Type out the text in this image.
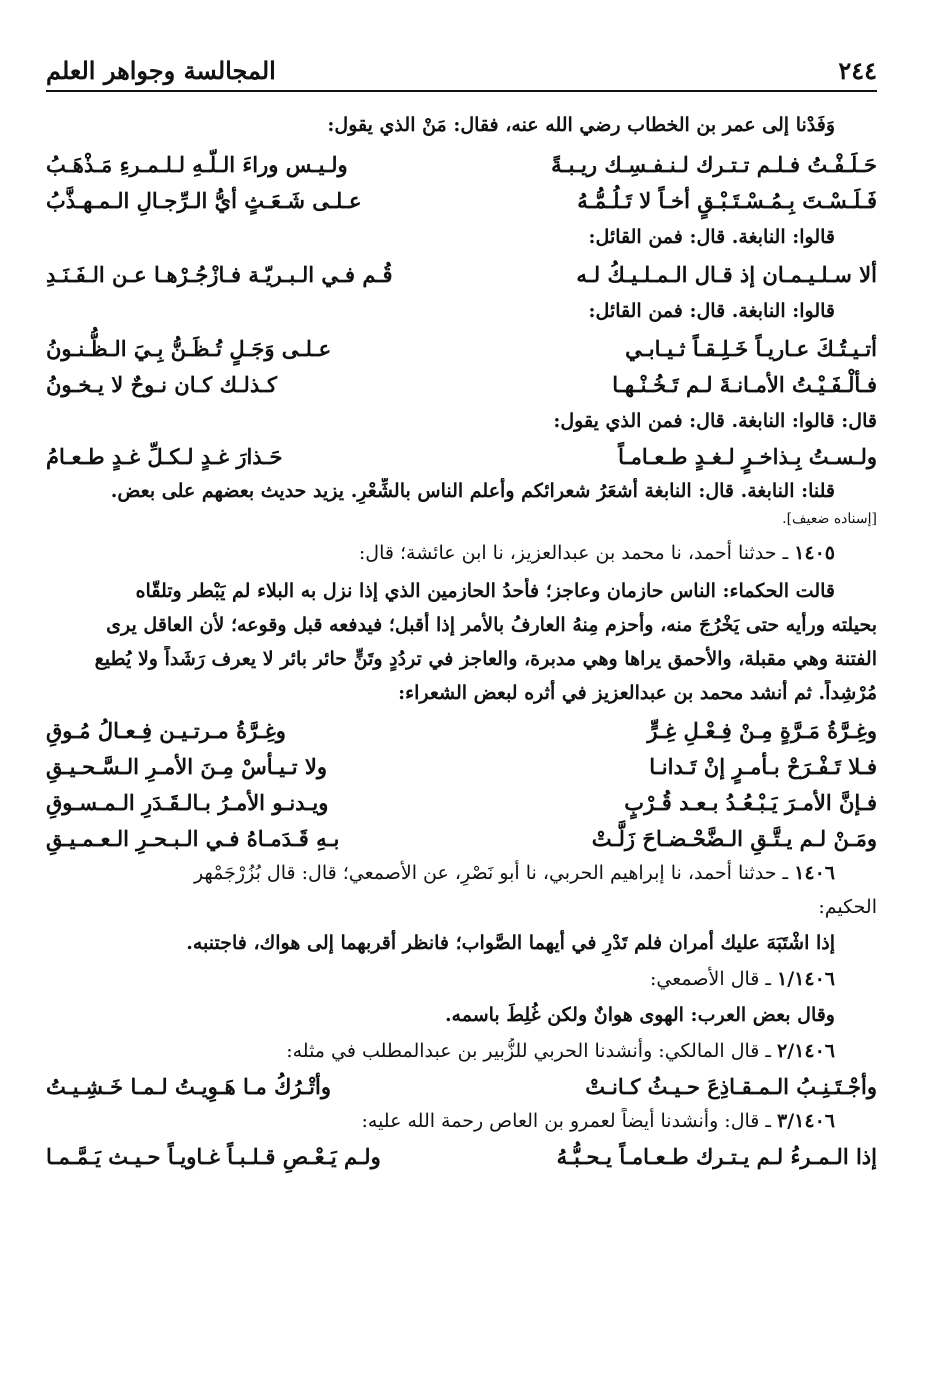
٢٤٤
المجالسة وجواهر العلم
وَفَدْنا إلى عمر بن الخطاب رضي الله عنه، فقال: مَنْ الذي يقول:
حَـلَـفْـتُ فـلـم تـتـرك لـنـفـسِـك ريـبـةً
ولـيـس وراءَ الـلّـهِ لـلـمـرءِ مَـذْهَـبُ
فَـلَـسْـتَ بِـمُـسْـتَـبْـقٍ أخـاً لا تَـلُـمُّـهُ
عـلـى شَـعَـثٍ أيُّ الـرِّجـالِ الـمـهـذَّبُ
قالوا: النابغة. قال: فمن القائل:
ألا سـلـيـمـان إذ قـال الـمـلـيـكُ لـه
قُـم فـي الـبـريّـة فـازْجُـرْهـا عـن الـفَـنَـدِ
قالوا: النابغة. قال: فمن القائل:
أتـيـتُـكَ عـاريـاً خَـلِـقـاً ثـيـابـي
عـلـى وَجَـلٍ تُـظَـنُّ بِـيَ الـظُّـنـونُ
فـألْـفَـيْـتُ الأمـانـةَ لـم تَـخُـنْـهـا
كـذلـك كـان نـوحٌ لا يـخـونُ
قال: قالوا: النابغة. قال: فمن الذي يقول:
ولـسـتُ بِـذاخـرٍ لـغـدٍ طـعـامـاً
حَـذارَ غـدٍ لـكـلِّ غـدٍ طـعـامُ
قلنا: النابغة. قال: النابغة أشعَرُ شعرائكم وأعلم الناس بالشِّعْرِ. يزيد حديث بعضهم على بعض.
[إسناده ضعيف].
١٤٠٥ ـ حدثنا أحمد، نا محمد بن عبدالعزيز، نا ابن عائشة؛ قال:
قالت الحكماء: الناس حازمان وعاجز؛ فأحدُ الحازمين الذي إذا نزل به البلاء لم يَبْطر وتلقّاه
بحيلته ورأيه حتى يَخْرُجَ منه، وأحزم مِنهُ العارفُ بالأمر إذا أقبل؛ فيدفعه قبل وقوعه؛ لأن العاقل يرى
الفتنة وهي مقبلة، والأحمق يراها وهي مدبرة، والعاجز في تردُدٍ وتَنٍّ حائر بائر لا يعرف رَشَداً ولا يُطيع
مُرْشِداً. ثم أنشد محمد بن عبدالعزيز في أثره لبعض الشعراء:
وغِـرَّةُ مَـرَّةٍ مِـنْ فِـعْـلِ غِـرٍّ
وغِـرَّةُ مـرتـيـن فِـعـالُ مُـوقِ
فـلا تَـفْـرَحْ بـأمـرٍ إنْ تَـدانـا
ولا تـيـأسْ مِـنَ الأمـرِ الـسَّـحـيـقِ
فـإنَّ الأمـرَ يَـبْـعُـدُ بـعـد قُـرْبٍ
ويـدنـو الأمـرُ بـالـقَـدَرِ الـمـسـوقِ
ومَـنْ لـم يـتَّـقِ الـضَّحْـضـاحَ زَلَّـتْ
بـهِ قَـدَمـاهُ فـي الـبـحـرِ الـعـمـيـقِ
١٤٠٦ ـ حدثنا أحمد، نا إبراهيم الحربي، نا أبو نَصْرٍ، عن الأصمعي؛ قال: قال بُزُرْجَمْهر
الحكيم:
إذا اشْتَبَهَ عليك أمران فلم تَدْرِ في أيهما الصَّواب؛ فانظر أقربهما إلى هواك، فاجتنبه.
١/١٤٠٦ ـ قال الأصمعي:
وقال بعض العرب: الهوى هوانٌ ولكن غُلِطَ باسمه.
٢/١٤٠٦ ـ قال المالكي: وأنشدنا الحربي للزُّبير بن عبدالمطلب في مثله:
وأجْـتَـنِـبُ الـمـقـاذِعَ حـيـثُ كـانـتْ
وأتْـرُكُ مـا هَـوِيـتُ لـمـا خَـشِـيـتُ
٣/١٤٠٦ ـ قال: وأنشدنا أيضاً لعمرو بن العاص رحمة الله عليه:
إذا الـمـرءُ لـم يـتـرك طـعـامـاً يـحـبُّـهُ
ولـم يَـعْـصِ قـلـبـاً غـاويـاً حـيـث يَـمَّـمـا
